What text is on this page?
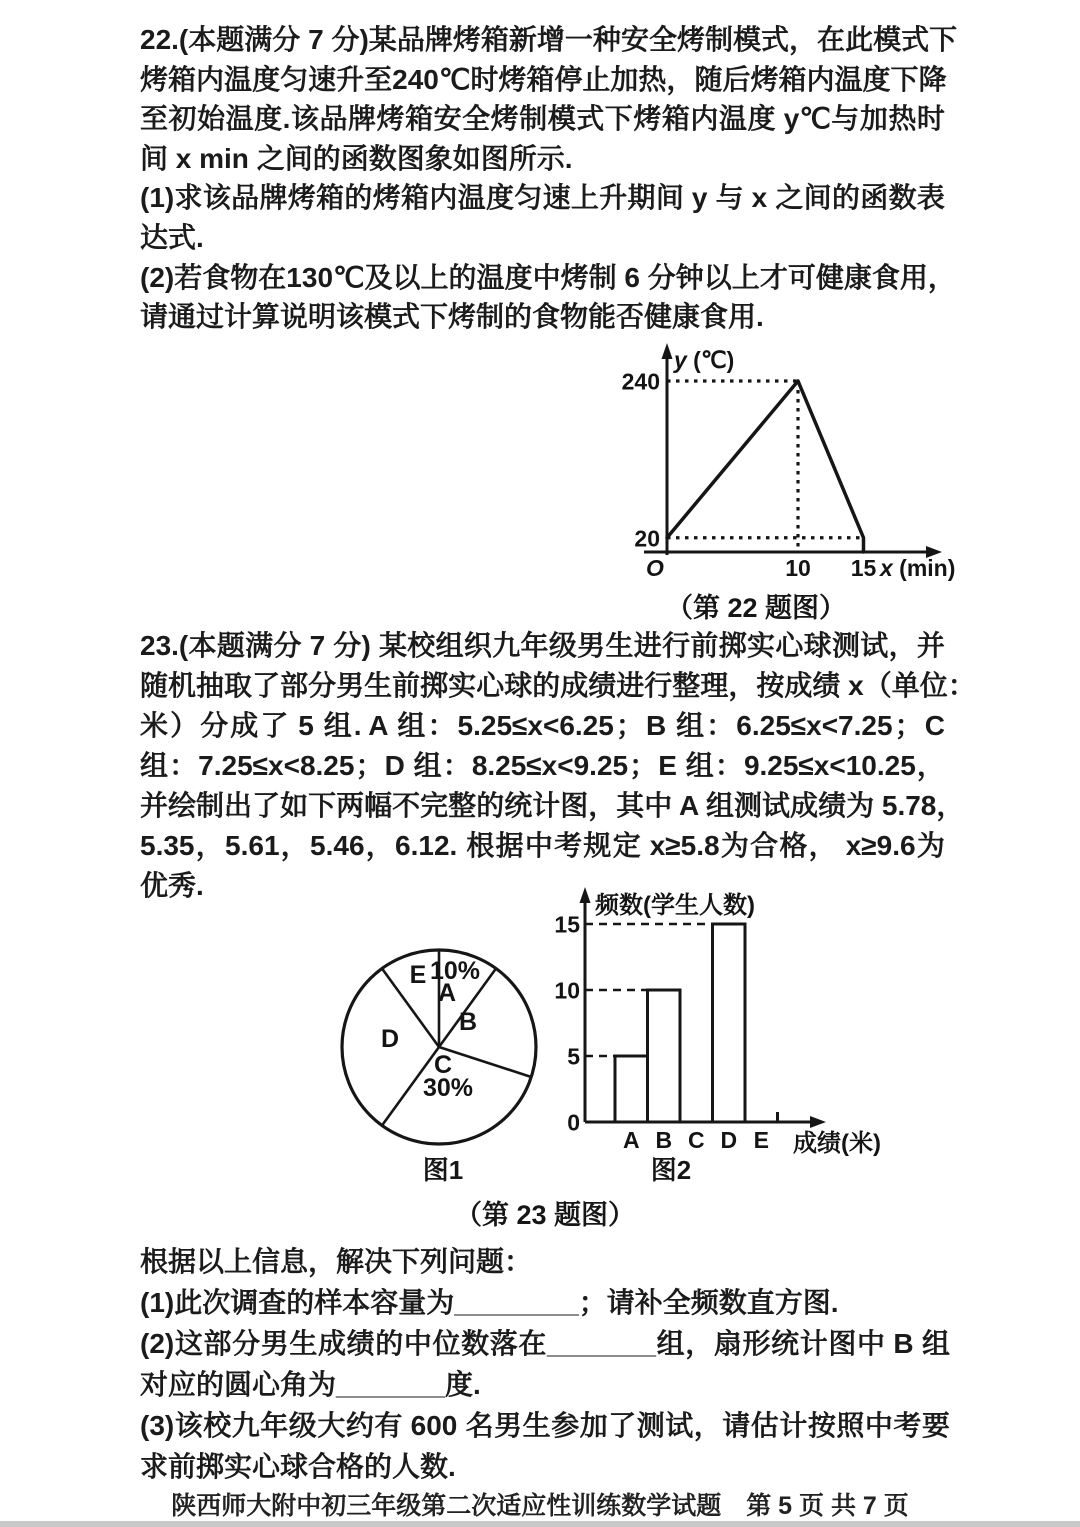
22.( 本 题 满 分 7 分 ) 某 品 牌 烤 箱 新 增 一 种 安 全 烤 制 模 式 ， 在 此 模 式 下
烤 箱 内 温 度 匀 速 升 至 240℃ 时 烤 箱 停 止 加 热 ， 随 后 烤 箱 内 温 度 下 降
至 初 始 温 度 . 该 品 牌 烤 箱 安 全 烤 制 模 式 下 烤 箱 内 温 度 y℃ 与 加 热 时
间 x min 之间的函数图象如图所示.
(1) 求 该 品 牌 烤 箱 的 烤 箱 内 温 度 匀 速 上 升 期 间 y 与 x 之 间 的 函 数 表
达式.
(2) 若 食 物 在 130℃ 及 以 上 的 温 度 中 烤 制 6 分 钟 以 上 才 可 健 康 食 用 ，
请通过计算说明该模式下烤制的食物能否健康食用.
y (℃)
x (min)
O	10 15
240
20
（第 22 题图）
23.( 本 题 满 分 7 分 ) 某 校 组 织 九 年 级 男 生 进 行 前 掷 实 心 球 测 试 ， 并
随 机 抽 取 了 部 分 男 生 前 掷 实 心 球 的 成 绩 进 行 整 理 ， 按 成 绩 x （ 单 位 ：
米 ） 分 成 了 5 组 . A 组 ： 5.25≤x<6.25 ； B 组 ： 6.25≤x<7.25 ； C
组 ： 7.25≤x<8.25 ； D 组 ： 8.25≤x<9.25 ； E 组 ： 9.25≤x<10.25 ，
并 绘 制 出 了 如 下 两 幅 不 完 整 的 统 计 图 ， 其 中 A 组 测 试 成 绩 为 5.78 ，
5.35 ， 5.61 ， 5.46 ， 6.12. 根 据 中 考 规 定 x≥5.8 为 合 格 ， x≥9.6 为
优秀.
A
10%
B
C
30%
D
E
图1
频数(学生人数)
成绩(米)
0
5
10
15
A B C D E
图2
（第 23 题图）
根据以上信息，解决下列问题：
(1)此次调查的样本容量为________；请补全频数直方图.
(2) 这 部 分 男 生 成 绩 的 中 位 数 落 在 _______ 组 ， 扇 形 统 计 图 中 B 组
对应的圆心角为_______度.
(3) 该 校 九 年 级 大 约 有 600 名 男 生 参 加 了 测 试 ， 请 估 计 按 照 中 考 要
求前掷实心球合格的人数.
陕西师大附中初三年级第二次适应性训练数学试题　第 5 页 共 7 页
